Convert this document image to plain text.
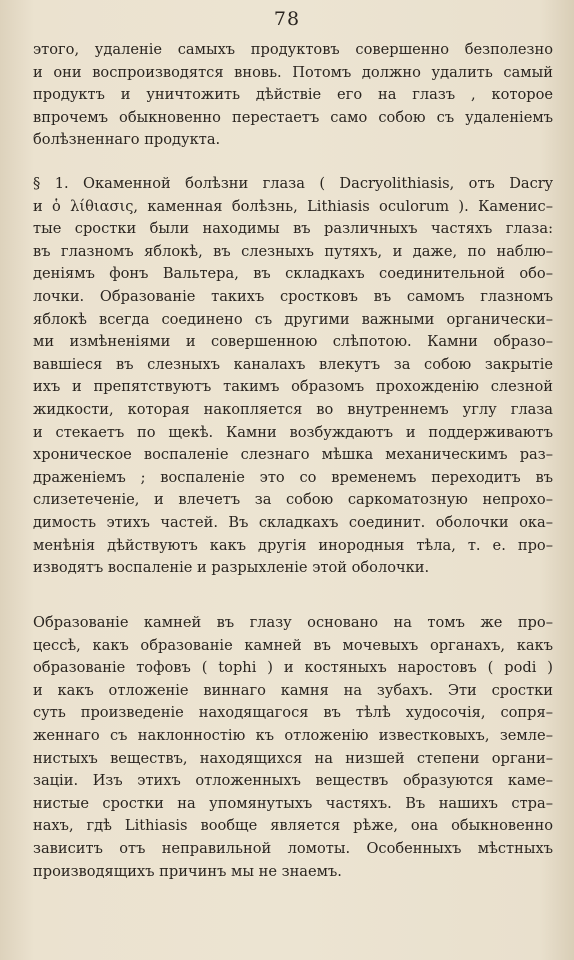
78
этого, удаленіе самыхъ продуктовъ совершенно безполезно
и они воспроизводятся вновь. Потомъ должно удалить самый
продуктъ и уничтожить дѣйствіе его на глазъ , которое
впрочемъ обыкновенно перестаетъ само собою съ удаленіемъ
болѣзненнаго продукта.
§ 1. Окаменной болѣзни глаза ( Dacryolithiasis, отъ Dacry
и ὁ λίθιασις, каменная болѣзнь, Lithiasis oculorum ). Каменис–
тые сростки были находимы въ различныхъ частяхъ глаза:
въ глазномъ яблокѣ, въ слезныхъ путяхъ, и даже, по наблю–
деніямъ фонъ Вальтера, въ складкахъ соединительной обо–
лочки. Образованіе такихъ сростковъ въ самомъ глазномъ
яблокѣ всегда соединено съ другими важными органически–
ми измѣненіями и совершенною слѣпотою. Камни образо–
вавшіеся въ слезныхъ каналахъ влекутъ за собою закрытіе
ихъ и препятствуютъ такимъ образомъ прохожденію слезной
жидкости, которая накопляется во внутреннемъ углу глаза
и стекаетъ по щекѣ. Камни возбуждаютъ и поддерживаютъ
хроническое воспаленіе слезнаго мѣшка механическимъ раз–
драженіемъ ; воспаленіе это со временемъ переходитъ въ
слизетеченіе, и влечетъ за собою саркоматозную непрохо–
димость этихъ частей. Въ складкахъ соединит. оболочки ока–
менѣнія дѣйствуютъ какъ другія инородныя тѣла, т. е. про–
изводятъ воспаленіе и разрыхленіе этой оболочки.
Образованіе камней въ глазу основано на томъ же про–
цессѣ, какъ образованіе камней въ мочевыхъ органахъ, какъ
образованіе тофовъ ( tophi ) и костяныхъ наростовъ ( podi )
и какъ отложеніе виннаго камня на зубахъ. Эти сростки
суть произведеніе находящагося въ тѣлѣ худосочія, сопря–
женнаго съ наклонностію къ отложенію известковыхъ, земле–
нистыхъ веществъ, находящихся на низшей степени органи–
заціи. Изъ этихъ отложенныхъ веществъ образуются каме–
нистые сростки на упомянутыхъ частяхъ. Въ нашихъ стра–
нахъ, гдѣ Lithiasis вообще является рѣже, она обыкновенно
зависитъ отъ неправильной ломоты. Особенныхъ мѣстныхъ
производящихъ причинъ мы не знаемъ.
